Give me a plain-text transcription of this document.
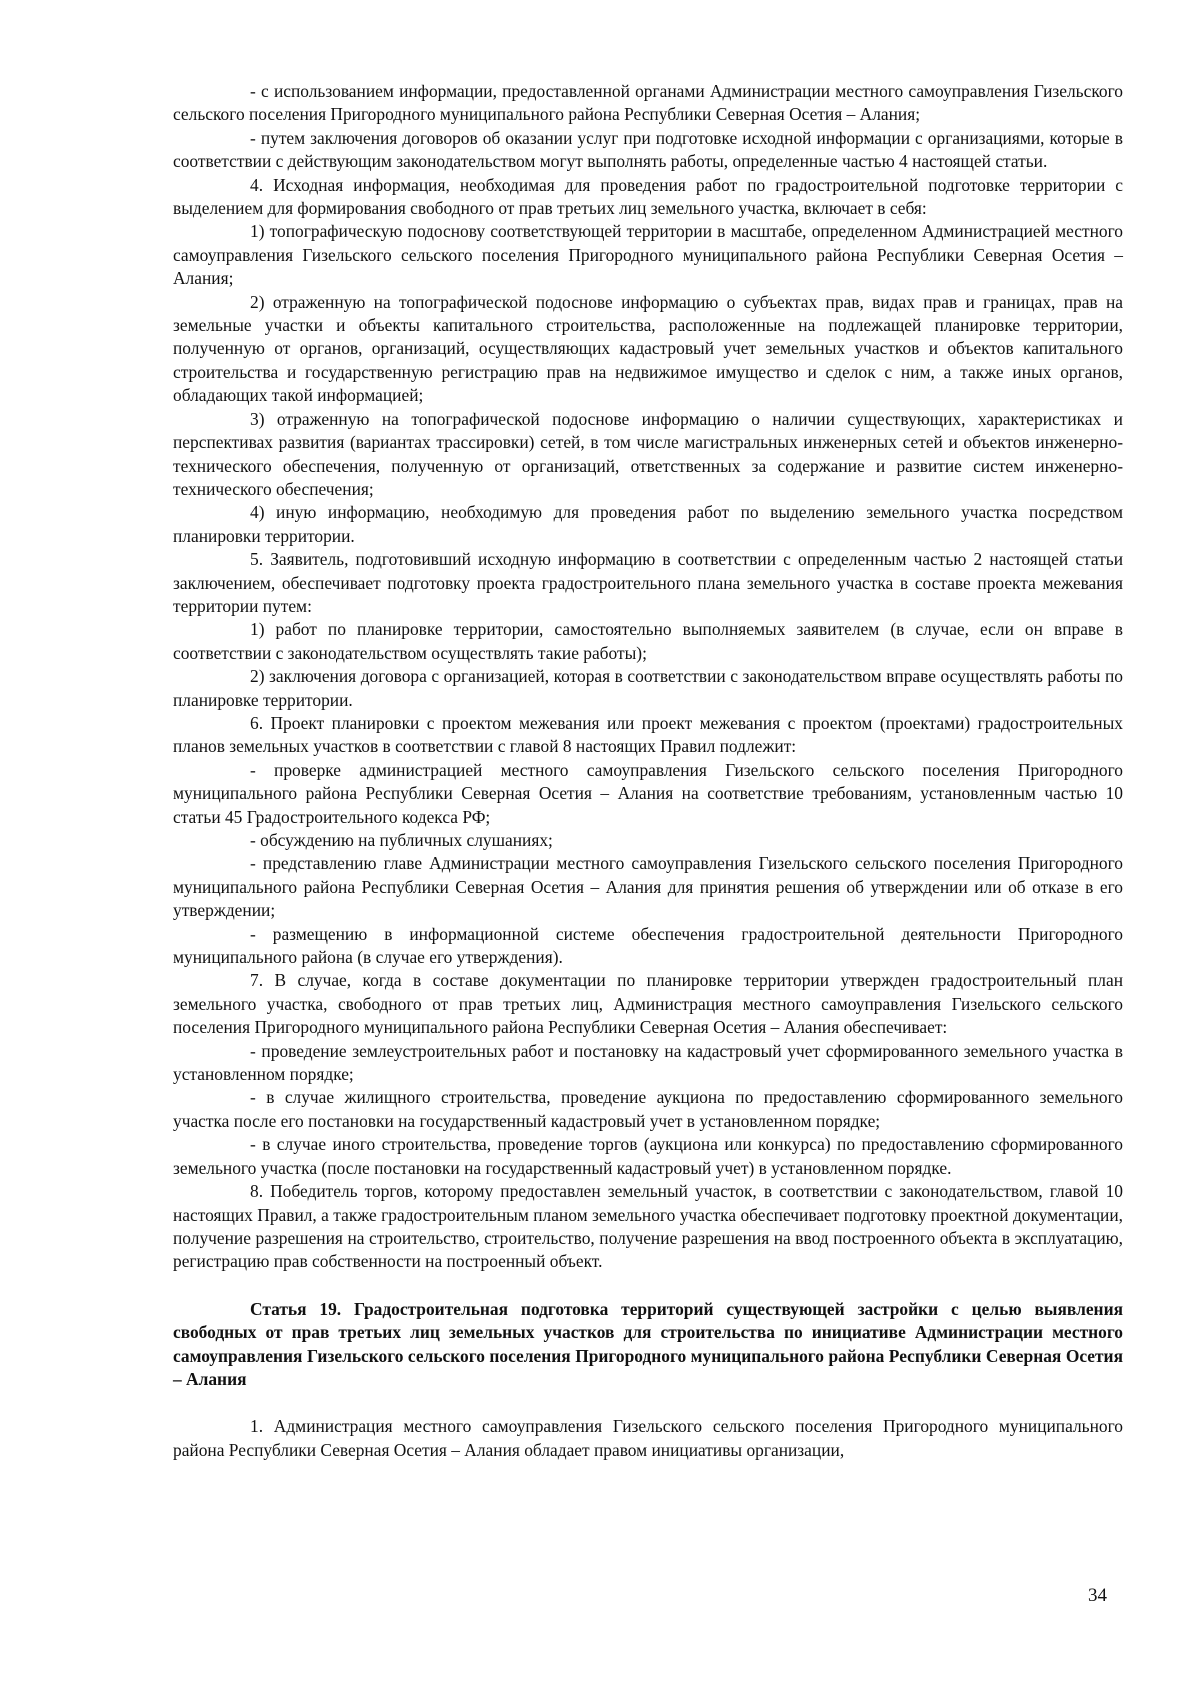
- с использованием информации, предоставленной органами Администрации местного самоуправления Гизельского сельского поселения Пригородного муниципального района Республики Северная Осетия – Алания;

- путем заключения договоров об оказании услуг при подготовке исходной информации с организациями, которые в соответствии с действующим законодательством могут выполнять работы, определенные частью 4 настоящей статьи.

4. Исходная информация, необходимая для проведения работ по градостроительной подготовке территории с выделением для формирования свободного от прав третьих лиц земельного участка, включает в себя:

1) топографическую подоснову соответствующей территории в масштабе, определенном Администрацией местного самоуправления Гизельского сельского поселения Пригородного муниципального района Республики Северная Осетия – Алания;

2) отраженную на топографической подоснове информацию о субъектах прав, видах прав и границах, прав на земельные участки и объекты капитального строительства, расположенные на подлежащей планировке территории, полученную от органов, организаций, осуществляющих кадастровый учет земельных участков и объектов капитального строительства и государственную регистрацию прав на недвижимое имущество и сделок с ним, а также иных органов, обладающих такой информацией;

3) отраженную на топографической подоснове информацию о наличии существующих, характеристиках и перспективах развития (вариантах трассировки) сетей, в том числе магистральных инженерных сетей и объектов инженерно-технического обеспечения, полученную от организаций, ответственных за содержание и развитие систем инженерно-технического обеспечения;

4) иную информацию, необходимую для проведения работ по выделению земельного участка посредством планировки территории.

5. Заявитель, подготовивший исходную информацию в соответствии с определенным частью 2 настоящей статьи заключением, обеспечивает подготовку проекта градостроительного плана земельного участка в составе проекта межевания территории путем:

1) работ по планировке территории, самостоятельно выполняемых заявителем (в случае, если он вправе в соответствии с законодательством осуществлять такие работы);

2) заключения договора с организацией, которая в соответствии с законодательством вправе осуществлять работы по планировке территории.

6. Проект планировки с проектом межевания или проект межевания с проектом (проектами) градостроительных планов земельных участков в соответствии с главой 8 настоящих Правил подлежит:

- проверке администрацией местного самоуправления Гизельского сельского поселения Пригородного муниципального района Республики Северная Осетия – Алания на соответствие требованиям, установленным частью 10 статьи 45 Градостроительного кодекса РФ;

- обсуждению на публичных слушаниях;

- представлению главе Администрации местного самоуправления Гизельского сельского поселения Пригородного муниципального района Республики Северная Осетия – Алания для принятия решения об утверждении или об отказе в его утверждении;

- размещению в информационной системе обеспечения градостроительной деятельности Пригородного муниципального района (в случае его утверждения).

7. В случае, когда в составе документации по планировке территории утвержден градостроительный план земельного участка, свободного от прав третьих лиц, Администрация местного самоуправления Гизельского сельского поселения Пригородного муниципального района Республики Северная Осетия – Алания обеспечивает:

- проведение землеустроительных работ и постановку на кадастровый учет сформированного земельного участка в установленном порядке;

- в случае жилищного строительства, проведение аукциона по предоставлению сформированного земельного участка после его постановки на государственный кадастровый учет в установленном порядке;

- в случае иного строительства, проведение торгов (аукциона или конкурса) по предоставлению сформированного земельного участка (после постановки на государственный кадастровый учет) в установленном порядке.

8. Победитель торгов, которому предоставлен земельный участок, в соответствии с законодательством, главой 10 настоящих Правил, а также градостроительным планом земельного участка обеспечивает подготовку проектной документации, получение разрешения на строительство, строительство, получение разрешения на ввод построенного объекта в эксплуатацию, регистрацию прав собственности на построенный объект.

Статья 19. Градостроительная подготовка территорий существующей застройки с целью выявления свободных от прав третьих лиц земельных участков для строительства по инициативе Администрации местного самоуправления Гизельского сельского поселения Пригородного муниципального района Республики Северная Осетия – Алания

1. Администрация местного самоуправления Гизельского сельского поселения Пригородного муниципального района Республики Северная Осетия – Алания обладает правом инициативы организации,

34
